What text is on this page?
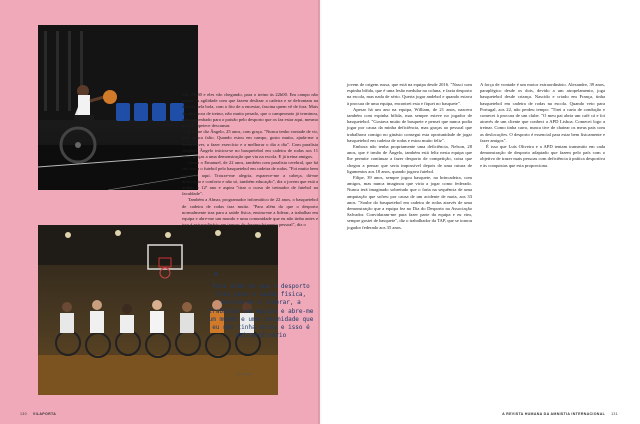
São 20h30 e eles vão chegando, para o treino às 22h00. Em campo não param. A agilidade com que fazem deslizar a cadeira e se defrontam na disputa pela bola, com o fito de a encestar, fascina quem vê de fora. Mais de uma hora de treino, não muito pesado, que o campeonato já terminou, mas empenhado para o paixão pelo desporto que os faz estar aqui, mesmo quando apetece descansar.

E o que diz Ângelo, 25 anos, com graça. "Nunca tenho vontade de vir, mas nunca falto. Quando estou em campo, gosto muito, ajuda-me a desenvolver, a fazer exercício e a melhorar o dia a dia". Com paralisia cerebral, Ângelo iniciou-se no basquetebol em cadeira de rodas aos 11 anos, graças a uma demonstração que viu na escola. E já treina amigos.

Como o Emanuel, de 22 anos, também com paralisia cerebral, que há seis troca o futebol pelo basquetebol em cadeira de rodas. "Foi muito bem recebido aqui. Trouxe-me alegria, esparece-me a cabeça, dá-me motivação e conforto e não só, também educação", diz o jovem que está a acabar o 12º ano e aspira "tirar o curso de treinador de futebol na faculdade".

Também a Almar, programador informático de 22 anos, o basquetebol de cadeira de rodas traz muito. "Para além do que o desporto normalmente traz para a saúde física, ensina-me a liderar, a trabalhar em equipa e abre-me um mundo e uma comunidade que eu não tinha antes e isso é extraordinário em termos de desenvolvimento pessoal", diz o

“
Para além do que o desporto traz para a saúde física, ensina-me a liderar, a trabalhar em equipa e abre-me um mundo e uma comunidade que eu não tinha antes e isso é extraordinário
©Fotografia
130 VILAPORTA

jovem de origem russa, que está na equipa desde 2016. "Nasci com espinha bífida, que é uma lesão medular na coluna, e fazia desporto na escola, mas nada de sério. Queria jogar andebol e quando estava à procura de uma equipa, encontrei esta e fiquei no basquete".

Apesar há um ano na equipa, William, de 21 anos, nascera também com espinha bífida, mas sempre esteve no jogador de basquetebol. "Gostava muito de basquete e pensei que nunca podia jogar por causa da minha deficiência, mas graças ao pessoal que trabalhava comigo no ginásio consegui esta oportunidade de jogar basquetebol em cadeira de rodas e estou muito feliz".

Embora não tenha propriamente uma deficiência, Nelson, 28 anos, que é irmão de Ângelo, também está feliz nesta equipa que lhe permite continuar a fazer desporto de competição, coisa que chegou a pensar que seria impossível depois de uma rutura de ligamentos aos 18 anos, quando jogava futebol.

Filipe, 39 anos, sempre jogou basquete, na brincadeira, com amigos, mas nunca imaginou que viria a jogar como federado. Nunca terá imaginado sobretudo que o faria na sequência de uma amputação que sofreu por causa de um acidente de mota, aos 33 anos. "Soube do basquetebol em cadeira de rodas através de uma demonstração que a equipa fez no Dia do Desporto na Associação Salvador. Convidaram-me para fazer parte da equipa e eu vim, sempre gostei de basquete", diz o trabalhador da TAP, que se tornou jogador federado aos 35 anos.

A força de vontade é um motor extraordinário. Alexandre, 39 anos, paraplégico desde os dois, devido a um atropelamento, joga basquetebol desde criança. Nascido e criado em França, tinha basquetebol em cadeira de rodas na escola. Quando veio para Portugal, aos 22, não perdeu tempo: "Tirei a carta de condução e comecei à procura de um clube. "O meu pai abria um café cá e foi através de um cliente que conheci a APD Lisboa. Comecei logo a treinar. Como tinha carro, nunca tive de chatear os meus pais com as deslocações. O desporto é essencial para estar bem fisicamente e fazer amigos".

É isso que Luís Oliveira e a APD tentam transmitir em cada demonstração de desporto adaptado que fazem pelo país com o objetivo de trazer mais pessoas com deficiência à prática desportiva e às conquistas que esta proporciona.

A REVISTA HUMANA DA AMNISTIA INTERNACIONAL 131
